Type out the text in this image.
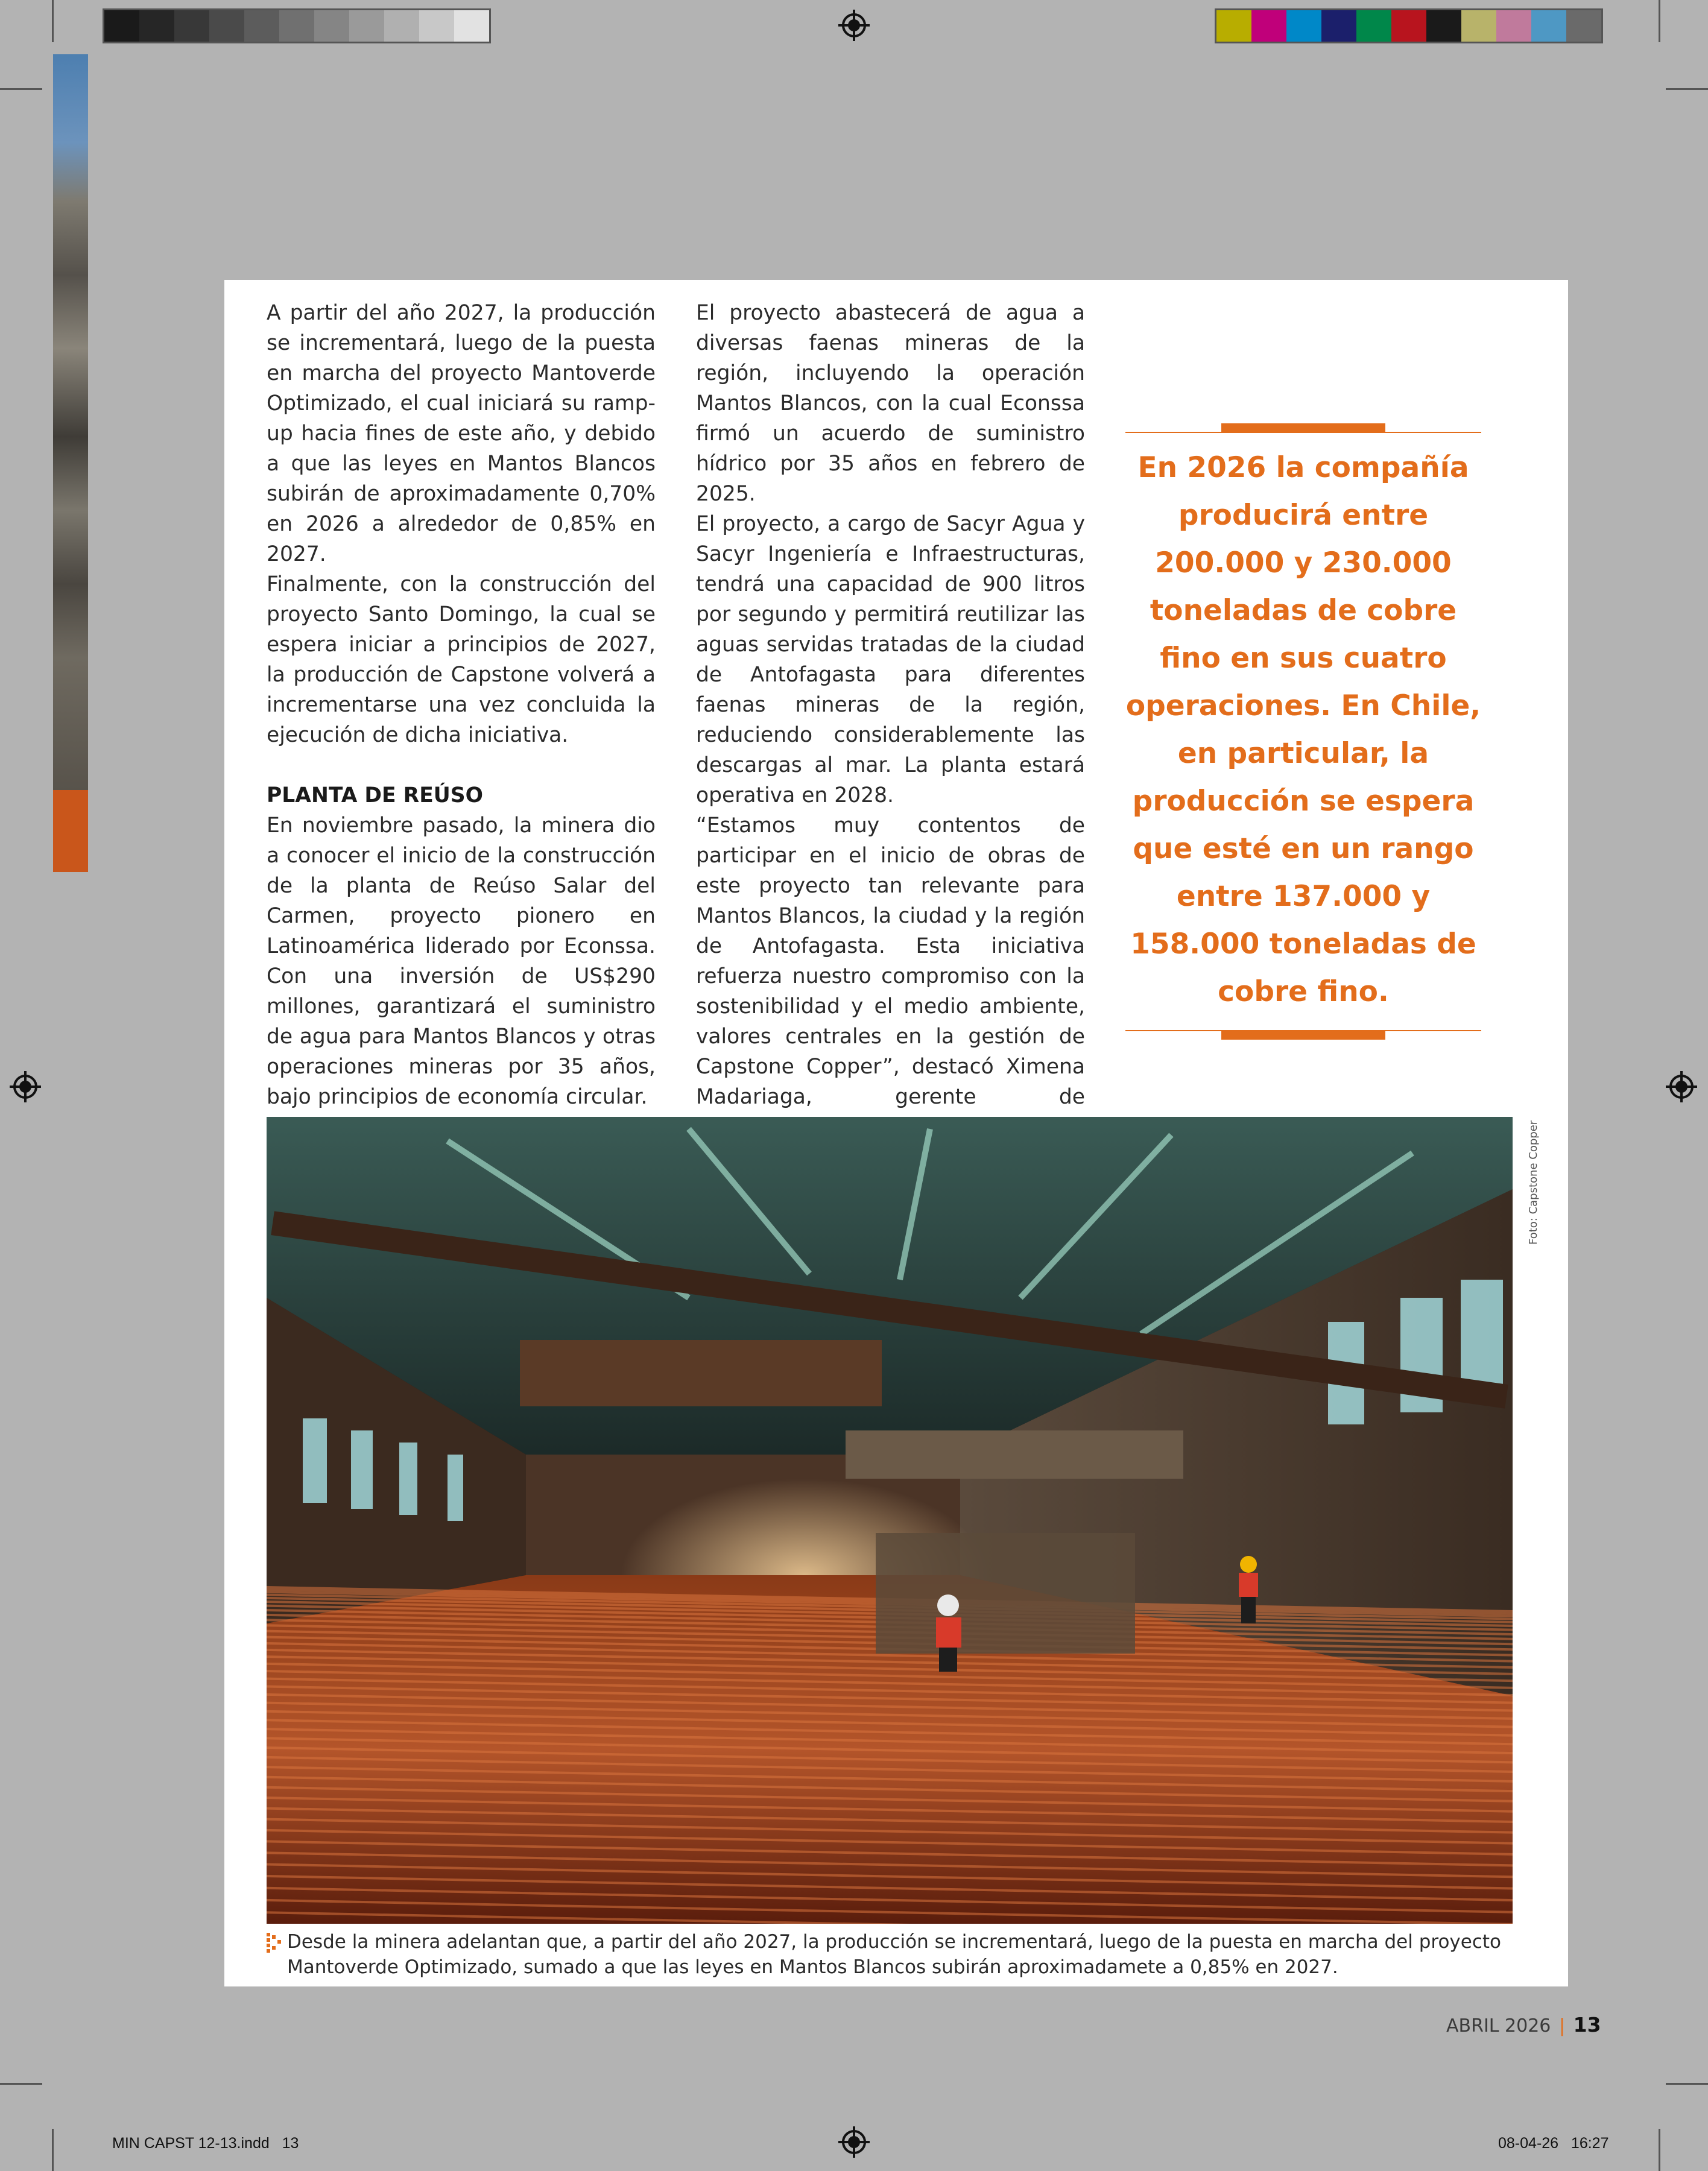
A partir del año 2027, la producción se incrementará, luego de la puesta en marcha del proyecto Mantoverde Optimizado, el cual iniciará su ramp-up hacia fines de este año, y debido a que las leyes en Mantos Blancos subirán de aproximadamente 0,70% en 2026 a alrededor de 0,85% en 2027.

Finalmente, con la construcción del proyecto Santo Domingo, la cual se espera iniciar a principios de 2027, la producción de Capstone volverá a incrementarse una vez concluida la ejecución de dicha iniciativa.

PLANTA DE REÚSO

En noviembre pasado, la minera dio a conocer el inicio de la construcción de la planta de Reúso Salar del Carmen, proyecto pionero en Latinoamérica liderado por Econssa. Con una inversión de US$290 millones, garantizará el suministro de agua para Mantos Blancos y otras operaciones mineras por 35 años, bajo principios de economía circular.

El proyecto abastecerá de agua a diversas faenas mineras de la región, incluyendo la operación Mantos Blancos, con la cual Econssa firmó un acuerdo de suministro hídrico por 35 años en febrero de 2025.

El proyecto, a cargo de Sacyr Agua y Sacyr Ingeniería e Infraestructuras, tendrá una capacidad de 900 litros por segundo y permitirá reutilizar las aguas servidas tratadas de la ciudad de Antofagasta para diferentes faenas mineras de la región, reduciendo considerablemente las descargas al mar. La planta estará operativa en 2028.

“Estamos muy contentos de participar en el inicio de obras de este proyecto tan relevante para Mantos Blancos, la ciudad y la región de Antofagasta. Esta iniciativa refuerza nuestro compromiso con la sostenibilidad y el medio ambiente, valores centrales en la gestión de Capstone Copper”, destacó Ximena Madariaga, gerente de

En 2026 la compañía producirá entre 200.000 y 230.000 toneladas de cobre fino en sus cuatro operaciones. En Chile, en particular, la producción se espera que esté en un rango entre 137.000 y 158.000 toneladas de cobre fino.
Foto: Capstone Copper
Desde la minera adelantan que, a partir del año 2027, la producción se incrementará, luego de la puesta en marcha del proyecto Mantoverde Optimizado, sumado a que las leyes en Mantos Blancos subirán aproximadamete a 0,85% en 2027.
ABRIL 2026 | 13
MIN CAPST 12-13.indd   13	08-04-26   16:27
